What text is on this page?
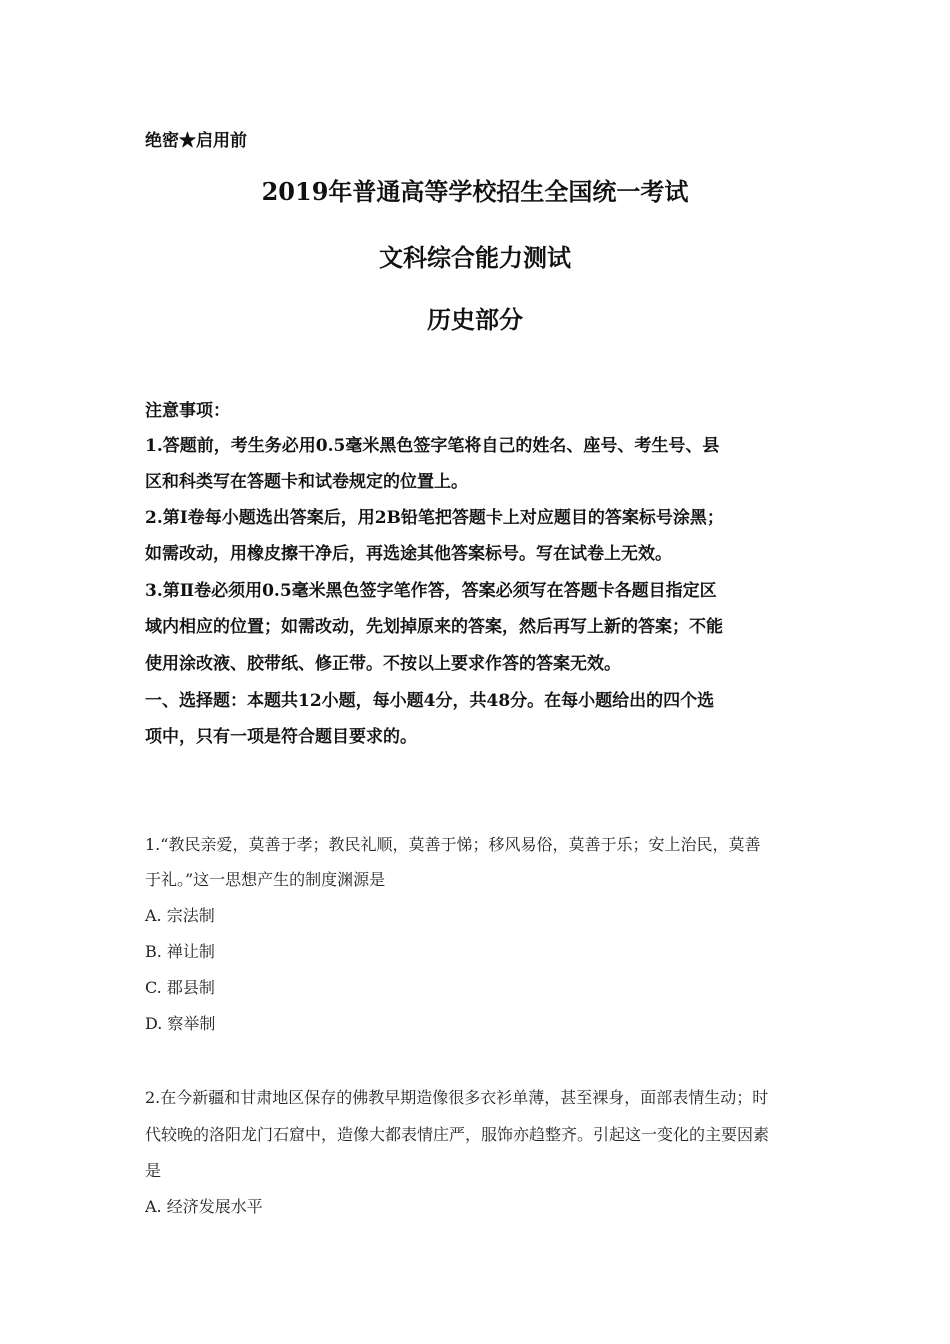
绝密★启用前
2019年普通高等学校招生全国统一考试
文科综合能力测试
历史部分
注意事项：
1.答题前，考生务必用0.5毫米黑色签字笔将自己的姓名、座号、考生号、县
区和科类写在答题卡和试卷规定的位置上。
2.第Ⅰ卷每小题选出答案后，用2B铅笔把答题卡上对应题目的答案标号涂黑；
如需改动，用橡皮擦干净后，再选途其他答案标号。写在试卷上无效。
3.第Ⅱ卷必须用0.5毫米黑色签字笔作答，答案必须写在答题卡各题目指定区
域内相应的位置；如需改动，先划掉原来的答案，然后再写上新的答案；不能
使用涂改液、胶带纸、修正带。不按以上要求作答的答案无效。
一、选择题：本题共12小题，每小题4分，共48分。在每小题给出的四个选
项中，只有一项是符合题目要求的。
1.“教民亲爱，莫善于孝；教民礼顺，莫善于悌；移风易俗，莫善于乐；安上治民，莫善
于礼。”这一思想产生的制度渊源是
A. 宗法制
B. 禅让制
C. 郡县制
D. 察举制
2.在今新疆和甘肃地区保存的佛教早期造像很多衣衫单薄，甚至裸身，面部表情生动；时
代较晚的洛阳龙门石窟中，造像大都表情庄严，服饰亦趋整齐。引起这一变化的主要因素
是
A. 经济发展水平
